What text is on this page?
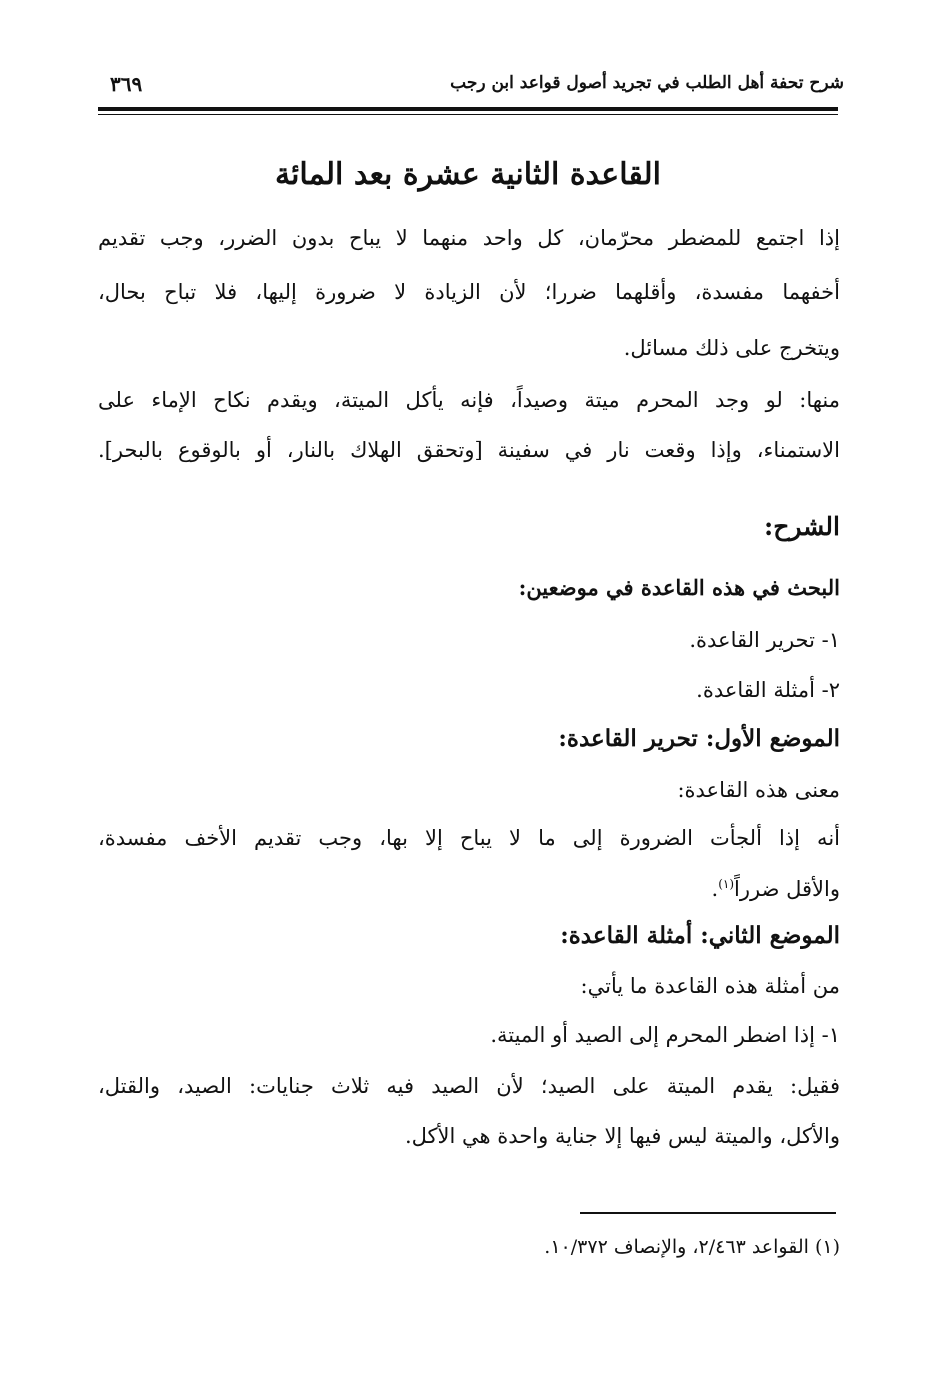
شرح تحفة أهل الطلب في تجريد أصول قواعد ابن رجب
٣٦٩
القاعدة الثانية عشرة بعد المائة
إذا اجتمع للمضطر محرّمان، كل واحد منهما لا يباح بدون الضرر، وجب تقديم
أخفهما مفسدة، وأقلهما ضررا؛ لأن الزيادة لا ضرورة إليها، فلا تباح بحال،
ويتخرج على ذلك مسائل.
منها: لو وجد المحرم ميتة وصيداً، فإنه يأكل الميتة، ويقدم نكاح الإماء على
الاستمناء، وإذا وقعت نار في سفينة [وتحقق الهلاك بالنار، أو بالوقوع بالبحر].
الشرح:
البحث في هذه القاعدة في موضعين:
١- تحرير القاعدة.
٢- أمثلة القاعدة.
الموضع الأول: تحرير القاعدة:
معنى هذه القاعدة:
أنه إذا ألجأت الضرورة إلى ما لا يباح إلا بها، وجب تقديم الأخف مفسدة،
والأقل ضرراً$^{(١)}$.
الموضع الثاني: أمثلة القاعدة:
من أمثلة هذه القاعدة ما يأتي:
١- إذا اضطر المحرم إلى الصيد أو الميتة.
فقيل: يقدم الميتة على الصيد؛ لأن الصيد فيه ثلاث جنايات: الصيد، والقتل،
والأكل، والميتة ليس فيها إلا جناية واحدة هي الأكل.
(١) القواعد ٢/٤٦٣، والإنصاف ١٠/٣٧٢.
